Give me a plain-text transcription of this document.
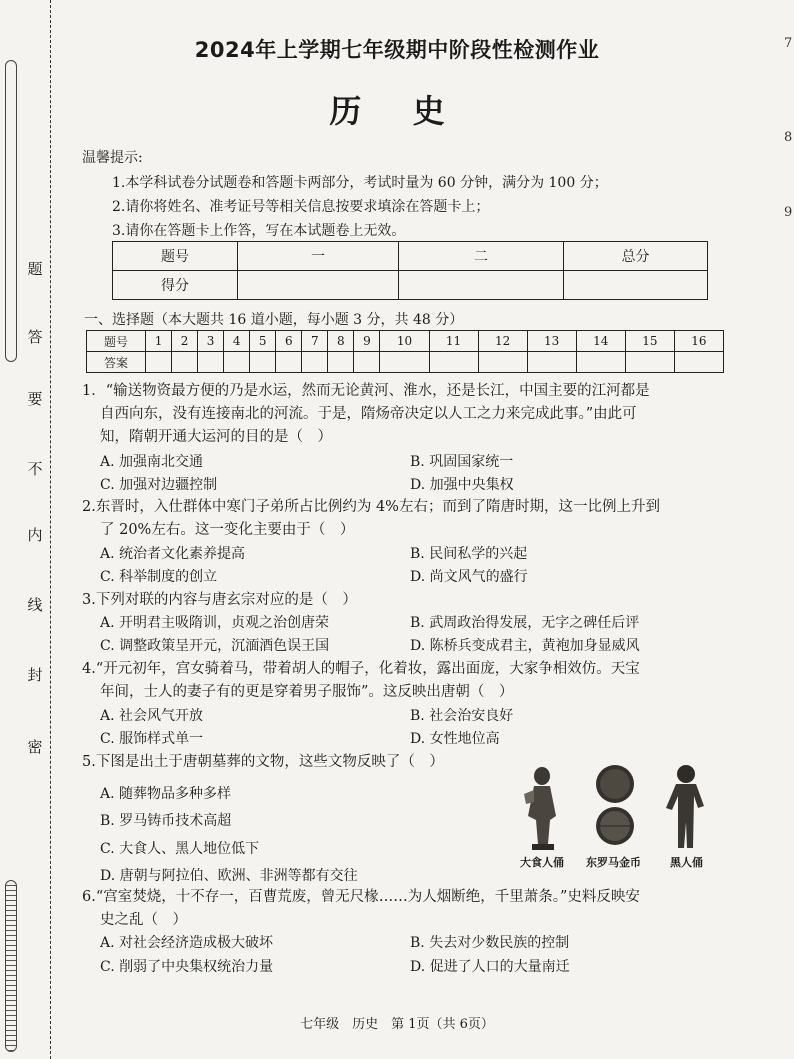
题
答
要
不
内
线
封
密
7
8
9
2024年上学期七年级期中阶段性检测作业
历 史
温馨提示:
1.本学科试卷分试题卷和答题卡两部分，考试时量为 60 分钟，满分为 100 分；
2.请你将姓名、准考证号等相关信息按要求填涂在答题卡上；
3.请你在答题卡上作答，写在本试题卷上无效。
题号	一	二	总分
得分			
一、选择题（本大题共 16 道小题，每小题 3 分，共 48 分）
题号	1	2	3	4	5	6	7	8	9	10	11	12	13	14	15	16
答案																
1．“输送物资最方便的乃是水运，然而无论黄河、淮水，还是长江，中国主要的江河都是
自西向东，没有连接南北的河流。于是，隋炀帝决定以人工之力来完成此事。”由此可
知，隋朝开通大运河的目的是（　）
A. 加强南北交通	B. 巩固国家统一
C. 加强对边疆控制	D. 加强中央集权
2.东晋时，入仕群体中寒门子弟所占比例约为 4%左右；而到了隋唐时期，这一比例上升到
了 20%左右。这一变化主要由于（　）
A. 统治者文化素养提高	B. 民间私学的兴起
C. 科举制度的创立	D. 尚文风气的盛行
3.下列对联的内容与唐玄宗对应的是（　）
A. 开明君主吸隋训，贞观之治创唐荣	B. 武周政治得发展，无字之碑任后评
C. 调整政策呈开元，沉湎酒色误王国	D. 陈桥兵变成君主，黄袍加身显威风
4.“开元初年，宫女骑着马，带着胡人的帽子，化着妆，露出面庞，大家争相效仿。天宝
年间，士人的妻子有的更是穿着男子服饰”。这反映出唐朝（　）
A. 社会风气开放	B. 社会治安良好
C. 服饰样式单一	D. 女性地位高
5.下图是出土于唐朝墓葬的文物，这些文物反映了（　）
A. 随葬物品多种多样
B. 罗马铸币技术高超
C. 大食人、黑人地位低下
D. 唐朝与阿拉伯、欧洲、非洲等都有交往
6.“宫室焚烧，十不存一，百曹荒废，曾无尺椽……为人烟断绝，千里萧条。”史料反映安
史之乱（　）
A. 对社会经济造成极大破坏	B. 失去对少数民族的控制
C. 削弱了中央集权统治力量	D. 促进了人口的大量南迁
大食人俑 东罗马金币	黑人俑
七年级　历史　第 1页（共 6页）
